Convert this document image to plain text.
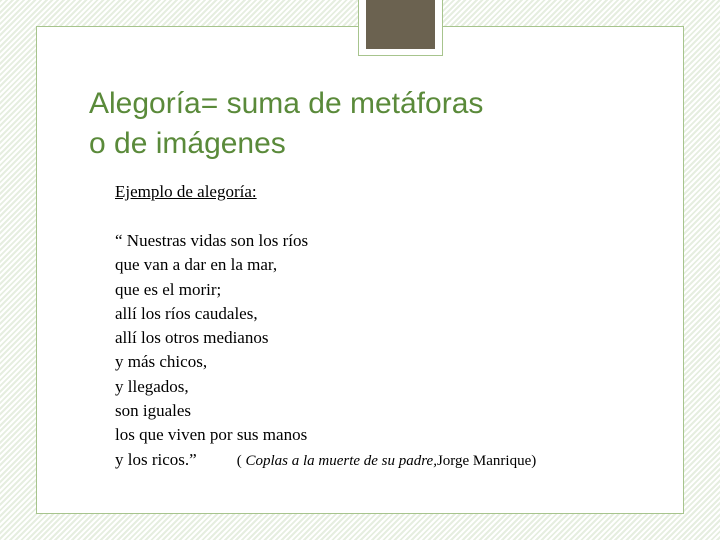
Alegoría= suma de metáforas
o de imágenes

Ejemplo de alegoría:

“ Nuestras vidas son los ríos
que van a dar en la mar,
que es el morir;
allí los ríos caudales,
allí los otros medianos
y más chicos,
y llegados,
son iguales
los que viven por sus manos
y los ricos.”	( Coplas a la muerte de su padre,Jorge Manrique)
